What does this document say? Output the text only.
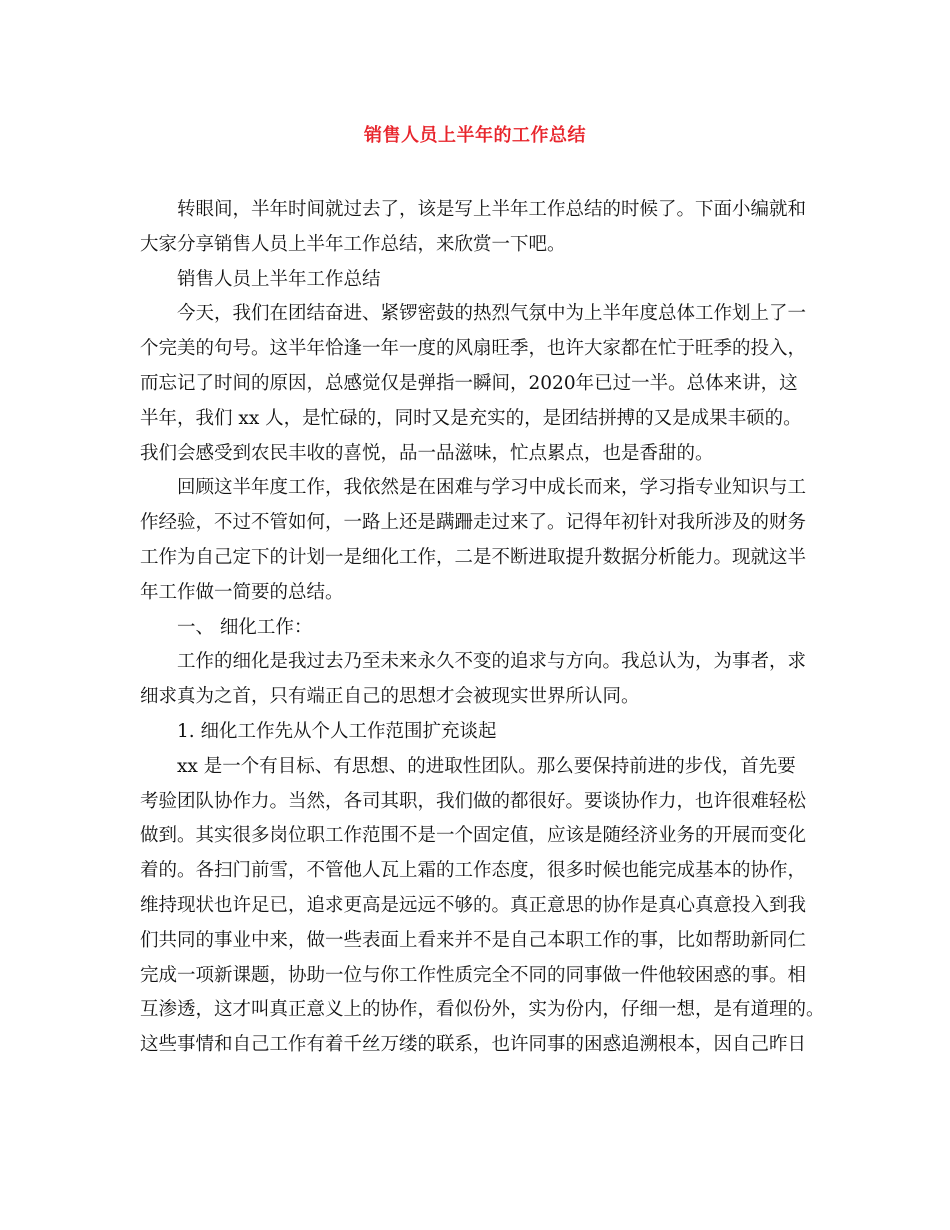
销售人员上半年的工作总结
转眼间，半年时间就过去了，该是写上半年工作总结的时候了。下面小编就和
大家分享销售人员上半年工作总结，来欣赏一下吧。
销售人员上半年工作总结
今天，我们在团结奋进、紧锣密鼓的热烈气氛中为上半年度总体工作划上了一
个完美的句号。这半年恰逢一年一度的风扇旺季，也许大家都在忙于旺季的投入，
而忘记了时间的原因，总感觉仅是弹指一瞬间，2020年已过一半。总体来讲，这
半年，我们 xx 人，是忙碌的，同时又是充实的，是团结拼搏的又是成果丰硕的。
我们会感受到农民丰收的喜悦，品一品滋味，忙点累点，也是香甜的。
回顾这半年度工作，我依然是在困难与学习中成长而来，学习指专业知识与工
作经验，不过不管如何，一路上还是蹒跚走过来了。记得年初针对我所涉及的财务
工作为自己定下的计划一是细化工作，二是不断进取提升数据分析能力。现就这半
年工作做一简要的总结。
一、 细化工作：
工作的细化是我过去乃至未来永久不变的追求与方向。我总认为，为事者，求
细求真为之首，只有端正自己的思想才会被现实世界所认同。
1. 细化工作先从个人工作范围扩充谈起
xx 是一个有目标、有思想、的进取性团队。那么要保持前进的步伐，首先要
考验团队协作力。当然，各司其职，我们做的都很好。要谈协作力，也许很难轻松
做到。其实很多岗位职工作范围不是一个固定值，应该是随经济业务的开展而变化
着的。各扫门前雪，不管他人瓦上霜的工作态度，很多时候也能完成基本的协作，
维持现状也许足已，追求更高是远远不够的。真正意思的协作是真心真意投入到我
们共同的事业中来，做一些表面上看来并不是自己本职工作的事，比如帮助新同仁
完成一项新课题，协助一位与你工作性质完全不同的同事做一件他较困惑的事。相
互渗透，这才叫真正意义上的协作，看似份外，实为份内，仔细一想，是有道理的。
这些事情和自己工作有着千丝万缕的联系，也许同事的困惑追溯根本，因自己昨日
